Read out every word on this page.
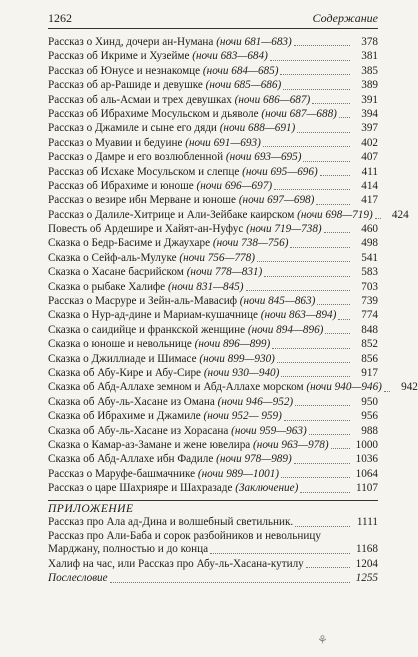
1262	Содержание
Рассказ о Хинд, дочери ан-Нумана (ночи 681—683)	378
Рассказ об Икриме и Хузейме (ночи 683—684)	381
Рассказ об Юнусе и незнакомце (ночи 684—685)	385
Рассказ об ар-Рашиде и девушке (ночи 685—686)	389
Рассказ об аль-Асмаи и трех девушках (ночи 686—687)	391
Рассказ об Ибрахиме Мосульском и дьяволе (ночи 687—688)	394
Рассказ о Джамиле и сыне его дяди (ночи 688—691)	397
Рассказ о Муавии и бедуине (ночи 691—693)	402
Рассказ о Дамре и его возлюбленной (ночи 693—695)	407
Рассказ об Исхаке Мосульском и слепце (ночи 695—696)	411
Рассказ об Ибрахиме и юноше (ночи 696—697)	414
Рассказ о везире ибн Мерване и юноше (ночи 697—698)	417
Рассказ о Далиле-Хитрице и Али-Зейбаке каирском (ночи 698—719)	424
Повесть об Ардешире и Хайят-ан-Нуфус (ночи 719—738)	460
Сказка о Бедр-Басиме и Джаухаре (ночи 738—756)	498
Сказка о Сейф-аль-Мулуке (ночи 756—778)	541
Сказка о Хасане басрийском (ночи 778—831)	583
Сказка о рыбаке Халифе (ночи 831—845)	703
Рассказ о Масруре и Зейн-аль-Мавасиф (ночи 845—863)	739
Сказка о Нур-ад-дине и Мариам-кушачнице (ночи 863—894)	774
Сказка о саидийце и франкской женщине (ночи 894—896)	848
Сказка о юноше и невольнице (ночи 896—899)	852
Сказка о Джиллиаде и Шимасе (ночи 899—930)	856
Сказка об Абу-Кире и Абу-Сире (ночи 930—940)	917
Сказка об Абд-Аллахе земном и Абд-Аллахе морском (ночи 940—946)	942
Сказка об Абу-ль-Хасане из Омана (ночи 946—952)	950
Сказка об Ибрахиме и Джамиле (ночи 952— 959)	956
Сказка об Абу-ль-Хасане из Хорасана (ночи 959—963)	988
Сказка о Камар-аз-Замане и жене ювелира (ночи 963—978)	1000
Сказка об Абд-Аллахе ибн Фадиле (ночи 978—989)	1036
Рассказ о Маруфе-башмачнике (ночи 989—1001)	1064
Рассказ о царе Шахрияре и Шахразаде (Заключение)	1107
ПРИЛОЖЕНИЕ
Рассказ про Ала ад-Дина и волшебный светильник.	1111
Рассказ про Али-Баба и сорок разбойников и невольницу
Марджану, полностью и до конца	1168
Халиф на час, или Рассказ про Абу-ль-Хасана-кутилу	1204
Послесловие	1255
⚘
